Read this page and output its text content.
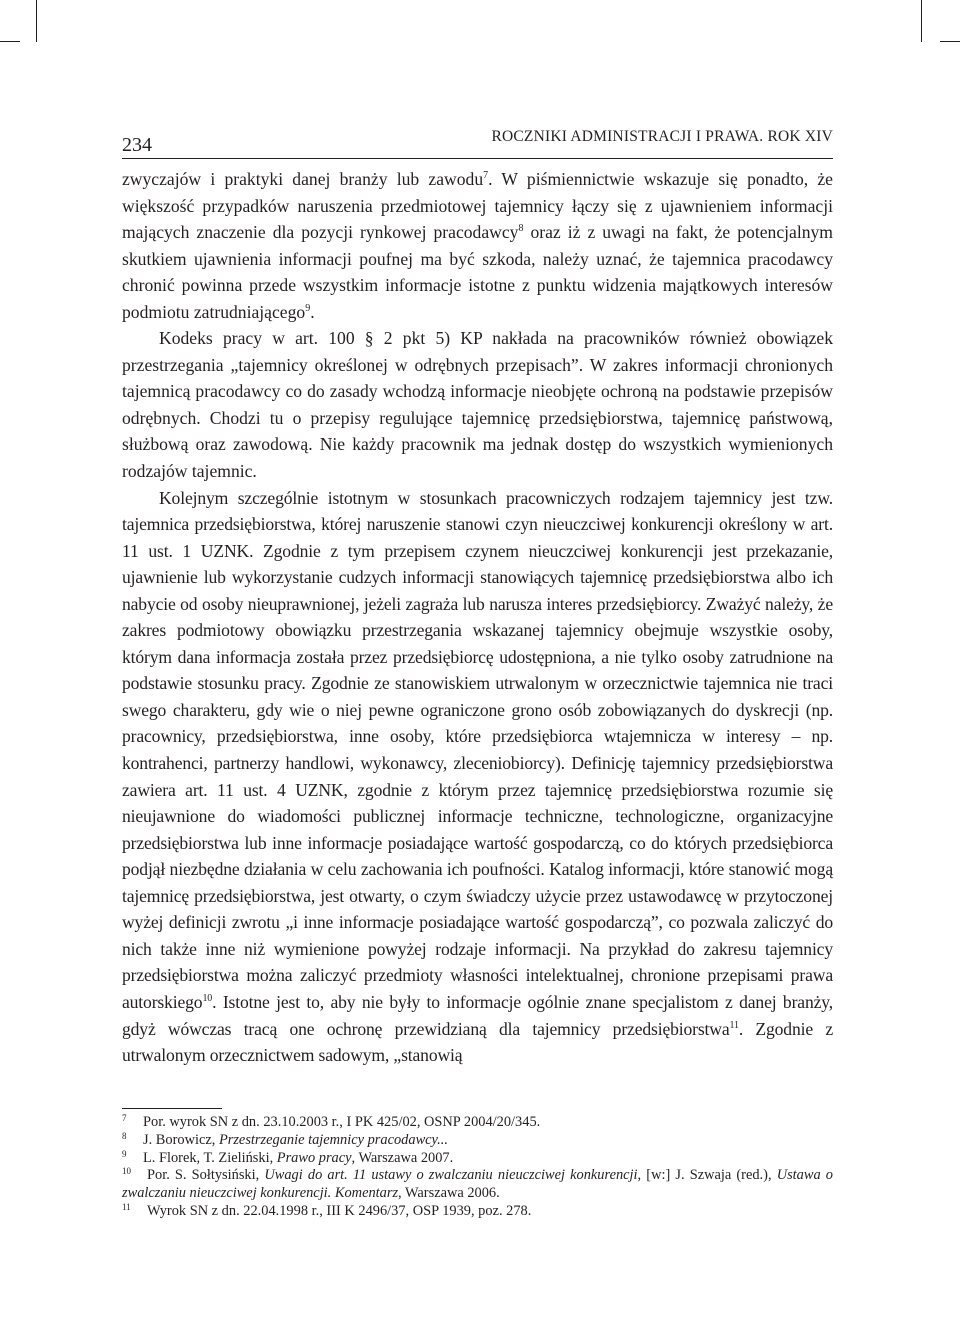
234	ROCZNIKI ADMINISTRACJI I PRAWA. ROK XIV

zwyczajów i praktyki danej branży lub zawodu$^7$. W piśmiennictwie wskazuje się ponadto, że większość przypadków naruszenia przedmiotowej tajemnicy łączy się z ujawnieniem informacji mających znaczenie dla pozycji rynkowej pracodawcy$^8$ oraz iż z uwagi na fakt, że potencjalnym skutkiem ujawnienia informacji poufnej ma być szkoda, należy uznać, że tajemnica pracodawcy chronić powinna przede wszystkim informacje istotne z punktu widzenia majątkowych interesów podmiotu zatrudniającego$^9$.

Kodeks pracy w art. 100 § 2 pkt 5) KP nakłada na pracowników również obowiązek przestrzegania „tajemnicy określonej w odrębnych przepisach”. W zakres informacji chronionych tajemnicą pracodawcy co do zasady wchodzą informacje nieobjęte ochroną na podstawie przepisów odrębnych. Chodzi tu o przepisy regulujące tajemnicę przedsiębiorstwa, tajemnicę państwową, służbową oraz zawodową. Nie każdy pracownik ma jednak dostęp do wszystkich wymienionych rodzajów tajemnic.

Kolejnym szczególnie istotnym w stosunkach pracowniczych rodzajem tajemnicy jest tzw. tajemnica przedsiębiorstwa, której naruszenie stanowi czyn nieuczciwej konkurencji określony w art. 11 ust. 1 UZNK. Zgodnie z tym przepisem czynem nieuczciwej konkurencji jest przekazanie, ujawnienie lub wykorzystanie cudzych informacji stanowiących tajemnicę przedsiębiorstwa albo ich nabycie od osoby nieuprawnionej, jeżeli zagraża lub narusza interes przedsiębiorcy. Zważyć należy, że zakres podmiotowy obowiązku przestrzegania wskazanej tajemnicy obejmuje wszystkie osoby, którym dana informacja została przez przedsiębiorcę udostępniona, a nie tylko osoby zatrudnione na podstawie stosunku pracy. Zgodnie ze stanowiskiem utrwalonym w orzecznictwie tajemnica nie traci swego charakteru, gdy wie o niej pewne ograniczone grono osób zobowiązanych do dyskrecji (np. pracownicy, przedsiębiorstwa, inne osoby, które przedsiębiorca wtajemnicza w interesy – np. kontrahenci, partnerzy handlowi, wykonawcy, zleceniobiorcy). Definicję tajemnicy przedsiębiorstwa zawiera art. 11 ust. 4 UZNK, zgodnie z którym przez tajemnicę przedsiębiorstwa rozumie się nieujawnione do wiadomości publicznej informacje techniczne, technologiczne, organizacyjne przedsiębiorstwa lub inne informacje posiadające wartość gospodarczą, co do których przedsiębiorca podjął niezbędne działania w celu zachowania ich poufności. Katalog informacji, które stanowić mogą tajemnicę przedsiębiorstwa, jest otwarty, o czym świadczy użycie przez ustawodawcę w przytoczonej wyżej definicji zwrotu „i inne informacje posiadające wartość gospodarczą”, co pozwala zaliczyć do nich także inne niż wymienione powyżej rodzaje informacji. Na przykład do zakresu tajemnicy przedsiębiorstwa można zaliczyć przedmioty własności intelektualnej, chronione przepisami prawa autorskiego$^{10}$. Istotne jest to, aby nie były to informacje ogólnie znane specjalistom z danej branży, gdyż wówczas tracą one ochronę przewidzianą dla tajemnicy przedsiębiorstwa$^{11}$. Zgodnie z utrwalonym orzecznictwem sadowym, „stanowią

$^7$ Por. wyrok SN z dn. 23.10.2003 r., I PK 425/02, OSNP 2004/20/345.

$^8$ J. Borowicz, Przestrzeganie tajemnicy pracodawcy...

$^9$ L. Florek, T. Zieliński, Prawo pracy, Warszawa 2007.

$^{10}$ Por. S. Sołtysiński, Uwagi do art. 11 ustawy o zwalczaniu nieuczciwej konkurencji, [w:] J. Szwaja (red.), Ustawa o zwalczaniu nieuczciwej konkurencji. Komentarz, Warszawa 2006.

$^{11}$ Wyrok SN z dn. 22.04.1998 r., III K 2496/37, OSP 1939, poz. 278.
